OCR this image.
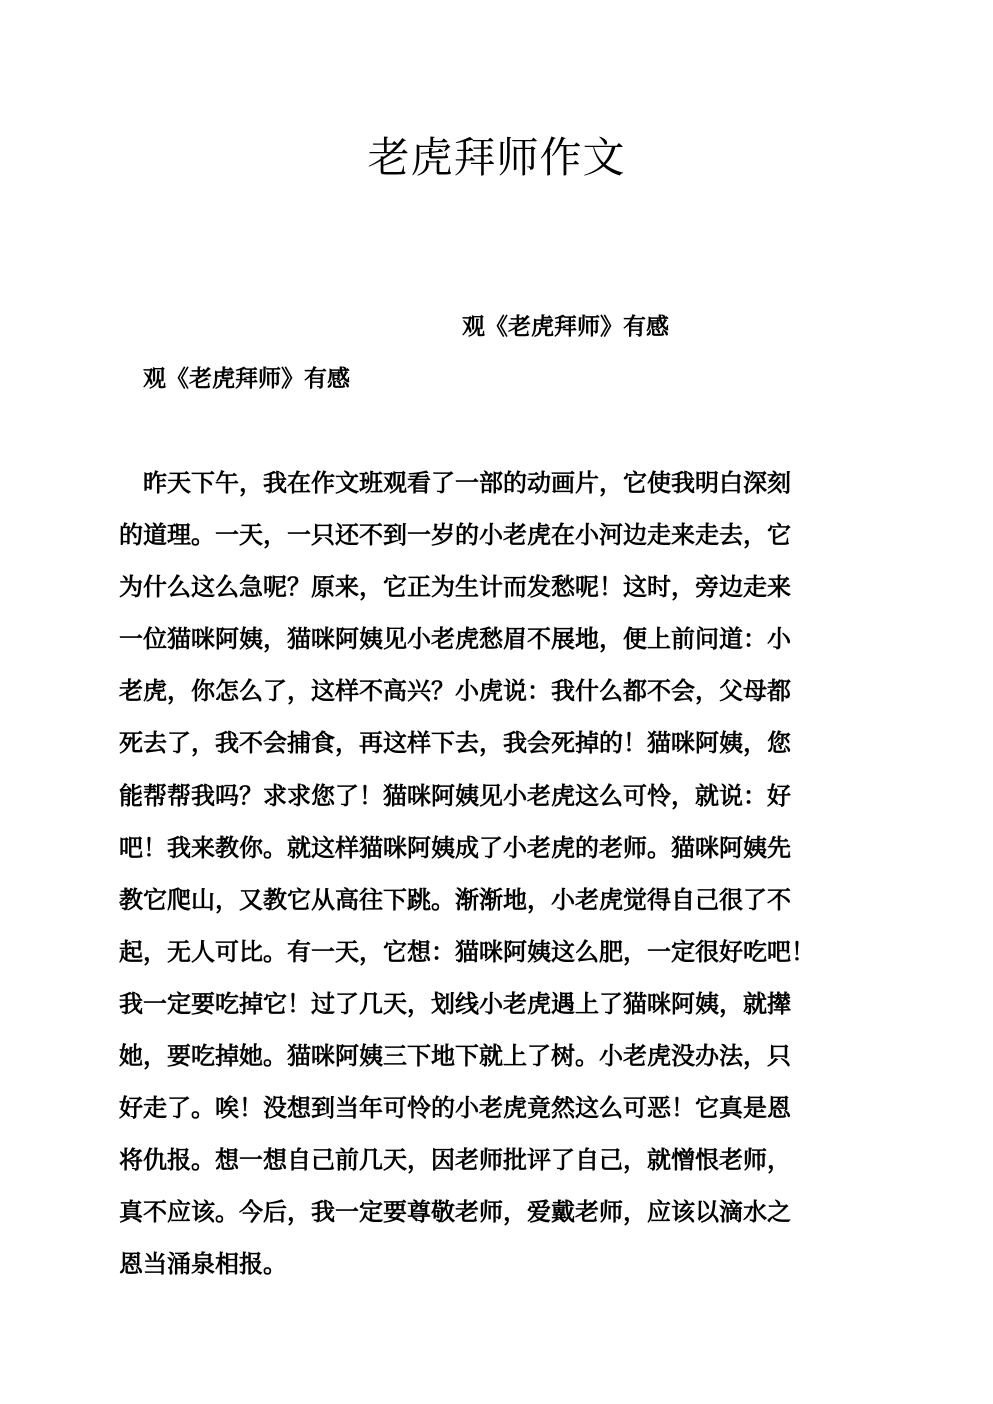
老虎拜师作文
观《老虎拜师》有感
观《老虎拜师》有感
昨天下午，我在作文班观看了一部的动画片，它使我明白深刻
的道理。一天，一只还不到一岁的小老虎在小河边走来走去，它
为什么这么急呢？原来，它正为生计而发愁呢！这时，旁边走来
一位猫咪阿姨，猫咪阿姨见小老虎愁眉不展地，便上前问道：小
老虎，你怎么了，这样不高兴？小虎说：我什么都不会，父母都
死去了，我不会捕食，再这样下去，我会死掉的！猫咪阿姨，您
能帮帮我吗？求求您了！猫咪阿姨见小老虎这么可怜，就说：好
吧！我来教你。就这样猫咪阿姨成了小老虎的老师。猫咪阿姨先
教它爬山，又教它从高往下跳。渐渐地，小老虎觉得自己很了不
起，无人可比。有一天，它想：猫咪阿姨这么肥，一定很好吃吧！
我一定要吃掉它！过了几天，划线小老虎遇上了猫咪阿姨，就撵
她，要吃掉她。猫咪阿姨三下地下就上了树。小老虎没办法，只
好走了。唉！没想到当年可怜的小老虎竟然这么可恶！它真是恩
将仇报。想一想自己前几天，因老师批评了自己，就憎恨老师，
真不应该。今后，我一定要尊敬老师，爱戴老师，应该以滴水之
恩当涌泉相报。
